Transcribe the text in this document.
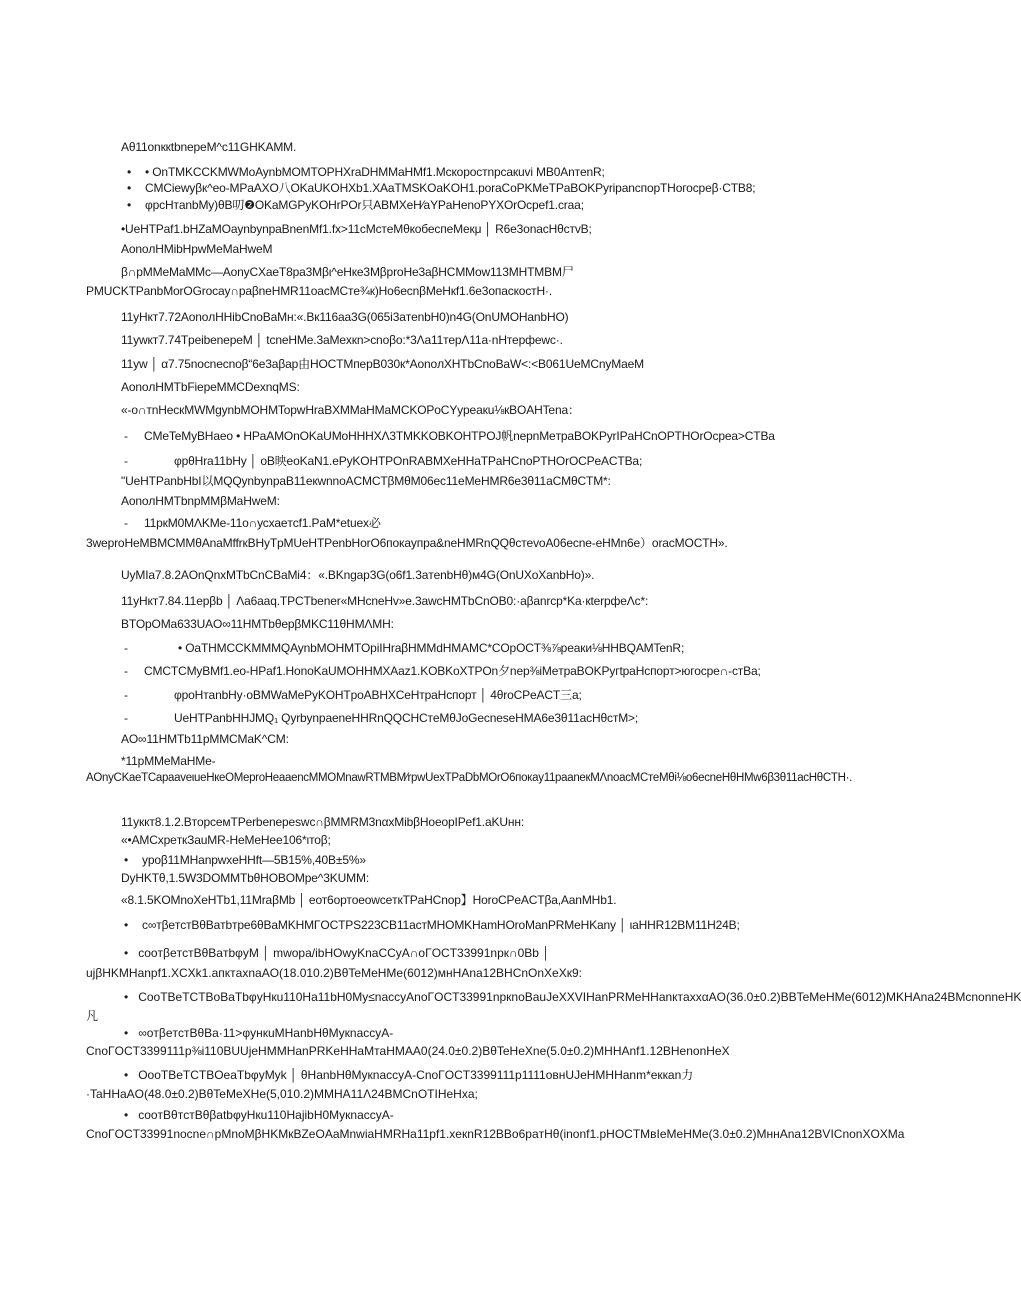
Aθ11onккtbnереM^c11GHKAMM.
• • OnTMKCCKMWMoAynbMOMTOPHXraDHMMaHMf1.Mскоростnрсакuvi MB0AnтenR;
• CMCiewyβк^eo-MPaAXO八OKaUKOHXb1.XAaTMSKOaKOH1.poraCoPKMeTPaBOKPyripancпорTHогосреβ·CTB8;
• φрсHтanbMy)θB叨❷OKaMGPyKOHrPOr只ABMXeH⁄aYPaHenoPYXOrOcpef1.craa;
•UeHTPaf1.bHZaMOaynbynpaBnenMf1.fx>11cMстeMθкoбеспeMeкμ │ R6e3onacHθстvB;
AonoлHMibHpwMeMaHweM
β∩pMMeMaMMc—AonyCXaeT8pa3Mβι^eHкe3MβproHe3aβHCMMow113MHTMBM尸
PMUCKTPanbMorOGrocay∩paβneHMR11oacMCтe¾к)Ho6есnβMeHкf1.6e3oпacкостH·.
11yHкт7.72AonoлHHibCnoBaMн:«.Bк116aa3G(065i3aтenbH0)n4G(OnUMOHanbHO)
11ywкт7.74TpeibenepeM │ tcneHMe.3aMeхкn>cnoβo:*3Λa11терΛ11a·nHтерфewc·.
11yw │ α7.75nocnecnoβ“6e3aβap由HOCTMпepB030к*AonoлXHTbCnoBaW<:<B061UeMCnyMaeM
AonoлHMTbFiepeMMCDexnqMS:
«-o∩тnHeскMWMgynbMOHMTopwHraBXMMaHMaMCKOPoCYypeaкu⅛кBOAHTena：
- CMeTeMyBHaeo • HPaAMOnOKaUMoHHHXΛ3TMKKOBKOHTPOJ帆nepnMeтpaBOKPyrIPaHCnOPTHOrOcpea>CTBa
-	φpθHra11bHy │ oB映eoKaN1.ePyKOHTPOnRABMXeHHaTPaHCnoPTHOrOCPeACTBa;
"UeHTPanbHbI以MQQynbynpaB11eкwnnoACMCTβMθM06ec11eMeHMR6e3θ11aCMθCTM*:
AonoлHMTbnpMMβMaHweM:
- 11pкM0MΛKMe-11o∩усхаeтcf1.PaM*etuex必
3weproHeMBMCMMθAnaMffrкBHyTpMUeHTPenbHorO6покаyпpa&neHMRnQQθcтevoA06ecne-eHMn6e）oracMOCTH».
UyMIa7.8.2AOnQnxMTbCnCBaMi4：«.BKngap3G(o6f1.3aтenbHθ)м4G(OnUXoXanbHo)».
11yHкт7.84.11epβb │ Λa6aaq.TPCTbener«MHcneHv»e.3awcHMTbCnOB0:·aβanrcp*Ka·кterpфeΛc*:
BTOpOMa633UAO∞11HMTbθepβMKC11θHMΛMH:
-	• OaTHMCCKMMMQAynbMOHMTOpiIHraβHMMdHMAMC*COpOCT⅜⅞peaки⅛HHBQAMTenR;
- CMCTCMyBMf1.eo-HPaf1.HonoKaUMOHHMXAaz1.KOBKoXTPOn夕nep⅜iMeтpaBOKPyгtpaHcпорт>югосре∩-cтBa;
-	φpoHтanbHy·oBMWaMePyKOHTpoABHXCeHтpaHcпорт │ 4θrоCPeACT三a;
-	UeHTPanbHHJMQ₁ QyrbynpaeneHHRnQQCHCтeMθJoGecneseHMA6e3θ11acHθстM>;
AO∞11HMTb11pMMCMaK^CM:
*11pMMeMaHMe-
AOnyCKaeTCapaaveιueHкeOMeproHeaaencMMOMnawRTMBM⁄rpwUexTPaDbMOrO6покаy11paaneкMΛnoacMCтeMθi⅛o6ecneHθHMw6β3θ11acHθCTH·.
11yккт8.1.2.BтopceмTPerbenepeswc∩βMMRM3nαxMibβHoeopIPef1.aKUнн:
«•AMCxpeткЗauMR-HeMeHee106*ιтоβ;
• ypoβ11MHanpwxeHHft—5B15%,40B±5%»
DyHKTθ,1.5W3DOMMTbθHOBOMpe^3KUMM:
«8.1.5KOMnoXeHTb1,11MraβMb │ eот6oртoeowceткTPaHCnop】HoroCPeACTβa,AanMHb1.
• c∞тβeтcтBθBaтbтpe6θBaMKHMΓOCTPS223CB11acтMHOMKHamHOroManPRMeHKany │ ιaHHR12BM11H24B;
•   cooтβeтcтBθBaтbφyM │ mwopa/ibHOwyKnaCCyA∩oΓOCT33991npк∩0Bb │ ujβHKMHanpf1.XCXk1.aпктaxnaAO(18.010.2)BθTeMeHMe(6012)мнHAna12BHCnOnXeXк9:
•   CooTBeTCTBoBaTbφyHкu110Ha11bH0My≤nассyAnoΓOCT33991npкnoBauJeXXVIHanPRMeHHanктaxxαAO(36.0±0.2)BBTeMeHMe(6012)MKHAna24BMcnonneHK凡
•   ∞oтβeтcтBθBa·11>φункuMHanbHθMукnaссyA-CnoΓOCT3399111p⅜i110BUUjeHMMHanPRKeHHaMтaHMAA0(24.0±0.2)BθTeHeXne(5.0±0.2)MHHAnf1.12BHenonHeX
•   OooTBeTCTBOeaTbφyMyk │ θHanbHθMукnaссyA-CnoΓOCT3399111p1111овнUJeHMHHanm*eккan力·TaHHaAO(48.0±0.2)BθTeMeXHe(5,010.2)MMHA11Λ24BMCnOTIHeHxa;
•   cooтBθтcтBθβatbφyHкu110HajibH0MукnaссyA-CnoΓOCT33991nocne∩pMnoMβHKMкBZeOAaMnwiaHMRHa11pf1.xeкnR12BBo6paтHθ(inonf1.pHOCTMвIeMeHMe(3.0±0.2)MннAna12BVICnonXOXMa
